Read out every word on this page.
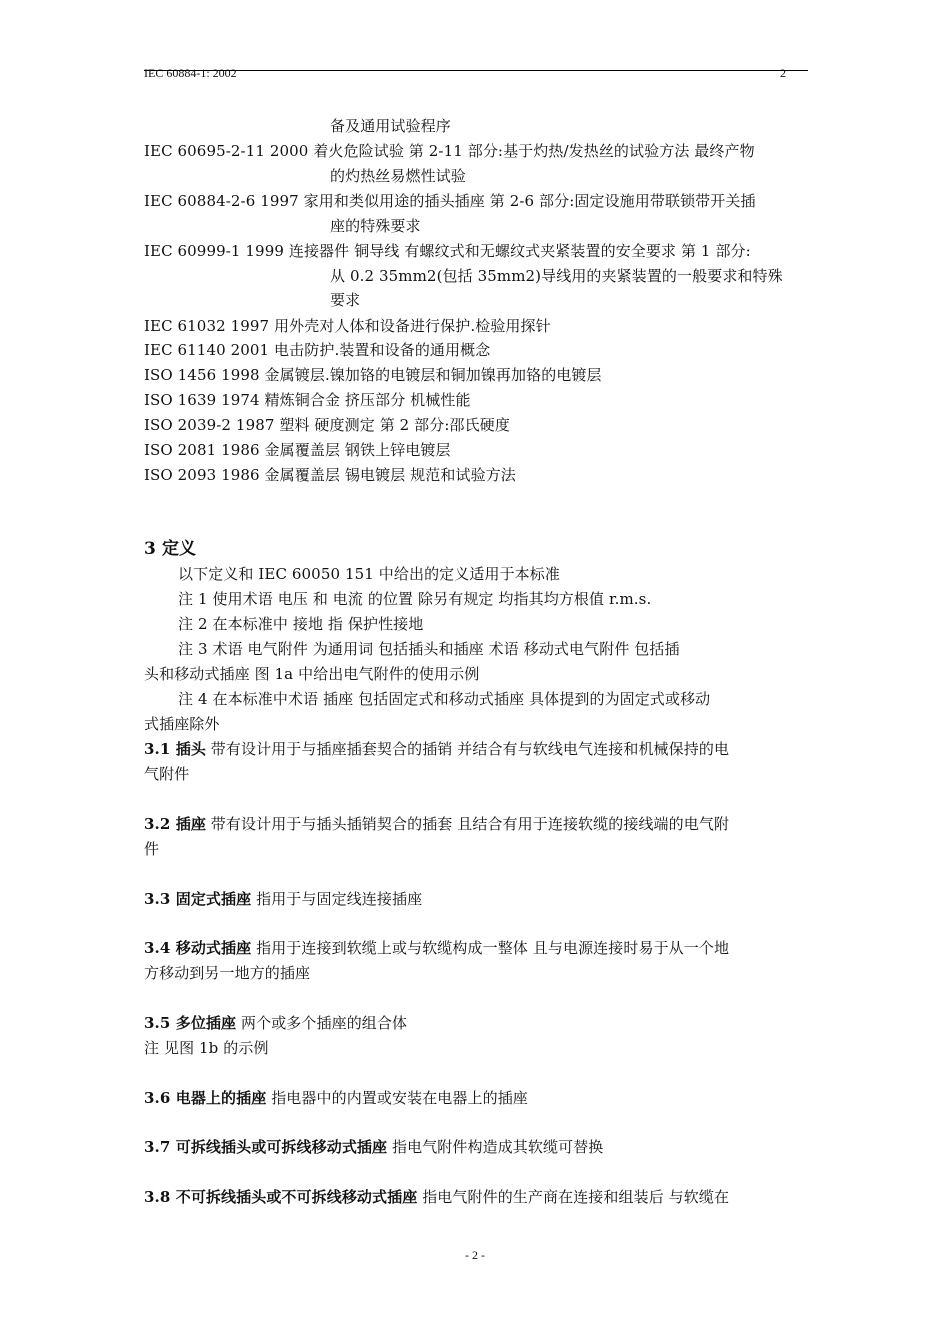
IEC 60884-1: 2002	2
备及通用试验程序
IEC 60695-2-11 2000 着火危险试验 第 2-11 部分:基于灼热/发热丝的试验方法 最终产物
的灼热丝易燃性试验
IEC 60884-2-6 1997 家用和类似用途的插头插座 第 2-6 部分:固定设施用带联锁带开关插
座的特殊要求
IEC 60999-1 1999 连接器件 铜导线 有螺纹式和无螺纹式夹紧装置的安全要求 第 1 部分:
从 0.2 35mm2(包括 35mm2)导线用的夹紧装置的一般要求和特殊
要求
IEC 61032 1997 用外壳对人体和设备进行保护.检验用探针
IEC 61140 2001 电击防护.装置和设备的通用概念
ISO 1456 1998 金属镀层.镍加铬的电镀层和铜加镍再加铬的电镀层
ISO 1639 1974 精炼铜合金 挤压部分 机械性能
ISO 2039-2 1987 塑料 硬度测定 第 2 部分:邵氏硬度
ISO 2081 1986 金属覆盖层 钢铁上锌电镀层
ISO 2093 1986 金属覆盖层 锡电镀层 规范和试验方法
3 定义
以下定义和 IEC 60050 151 中给出的定义适用于本标准
注 1 使用术语 电压 和 电流 的位置 除另有规定 均指其均方根值 r.m.s.
注 2 在本标准中 接地 指 保护性接地
注 3 术语 电气附件 为通用词 包括插头和插座 术语 移动式电气附件 包括插
头和移动式插座 图 1a 中给出电气附件的使用示例
注 4 在本标准中术语 插座 包括固定式和移动式插座 具体提到的为固定式或移动
式插座除外
3.1 插头 带有设计用于与插座插套契合的插销 并结合有与软线电气连接和机械保持的电
气附件
3.2 插座 带有设计用于与插头插销契合的插套 且结合有用于连接软缆的接线端的电气附
件
3.3 固定式插座 指用于与固定线连接插座
3.4 移动式插座 指用于连接到软缆上或与软缆构成一整体 且与电源连接时易于从一个地
方移动到另一地方的插座
3.5 多位插座 两个或多个插座的组合体
注 见图 1b 的示例
3.6 电器上的插座 指电器中的内置或安装在电器上的插座
3.7 可拆线插头或可拆线移动式插座 指电气附件构造成其软缆可替换
3.8 不可拆线插头或不可拆线移动式插座 指电气附件的生产商在连接和组装后 与软缆在
- 2 -
